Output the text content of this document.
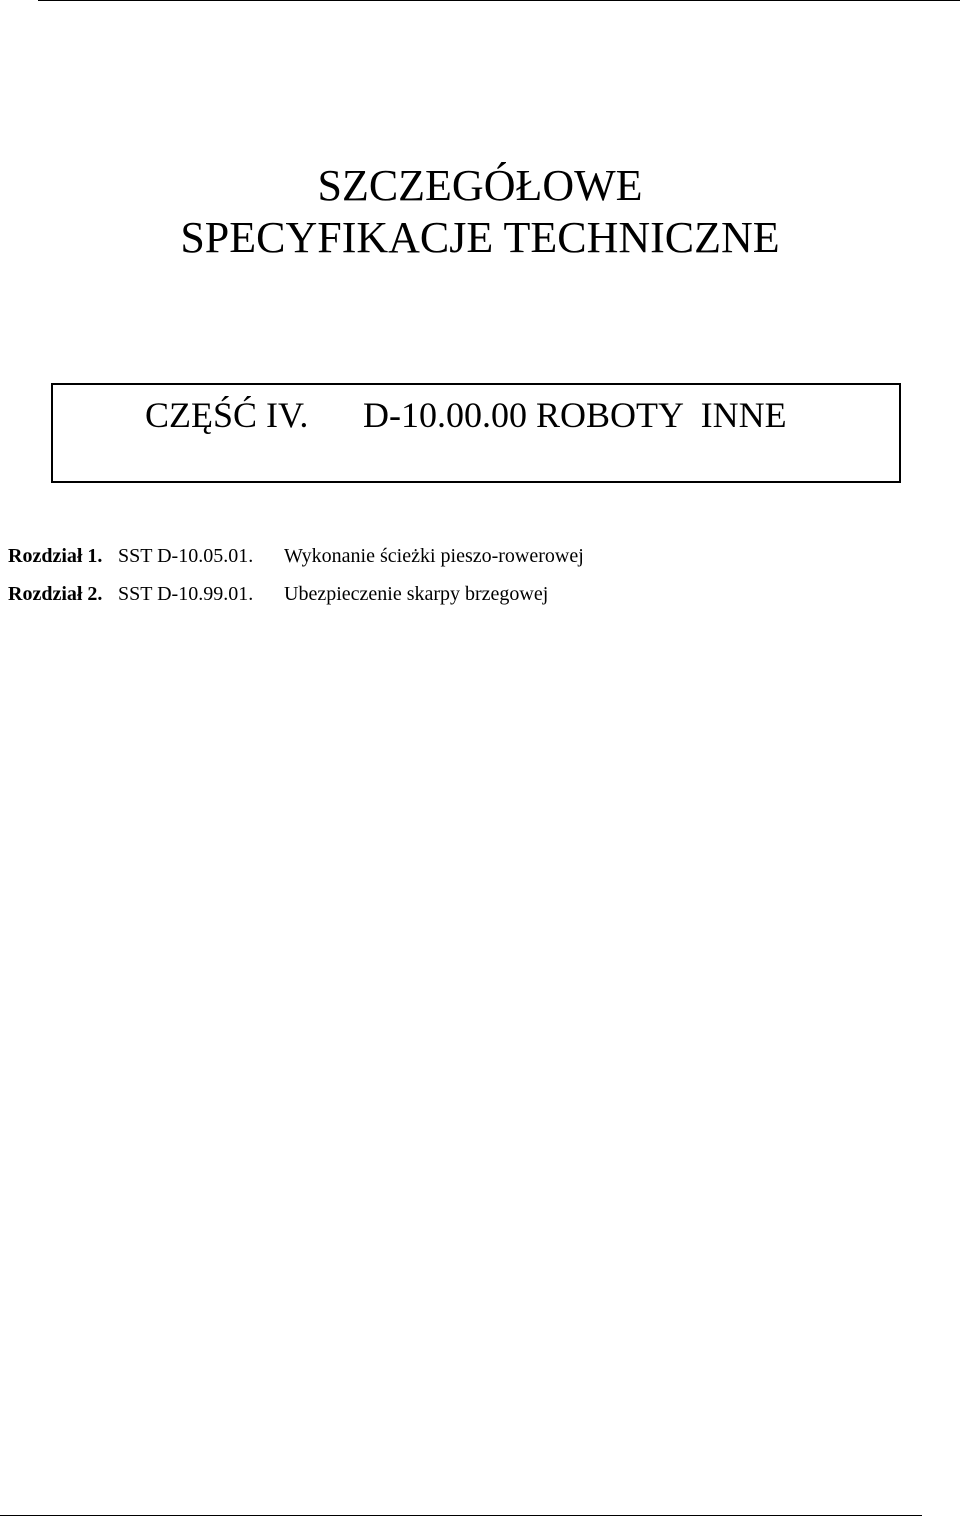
SZCZEGÓŁOWE
SPECYFIKACJE TECHNICZNE
CZĘŚĆ IV. D-10.00.00 ROBOTY  INNE
Rozdział 1. SST D-10.05.01.	Wykonanie ścieżki pieszo-rowerowej
Rozdział 2. SST D-10.99.01.	Ubezpieczenie skarpy brzegowej
